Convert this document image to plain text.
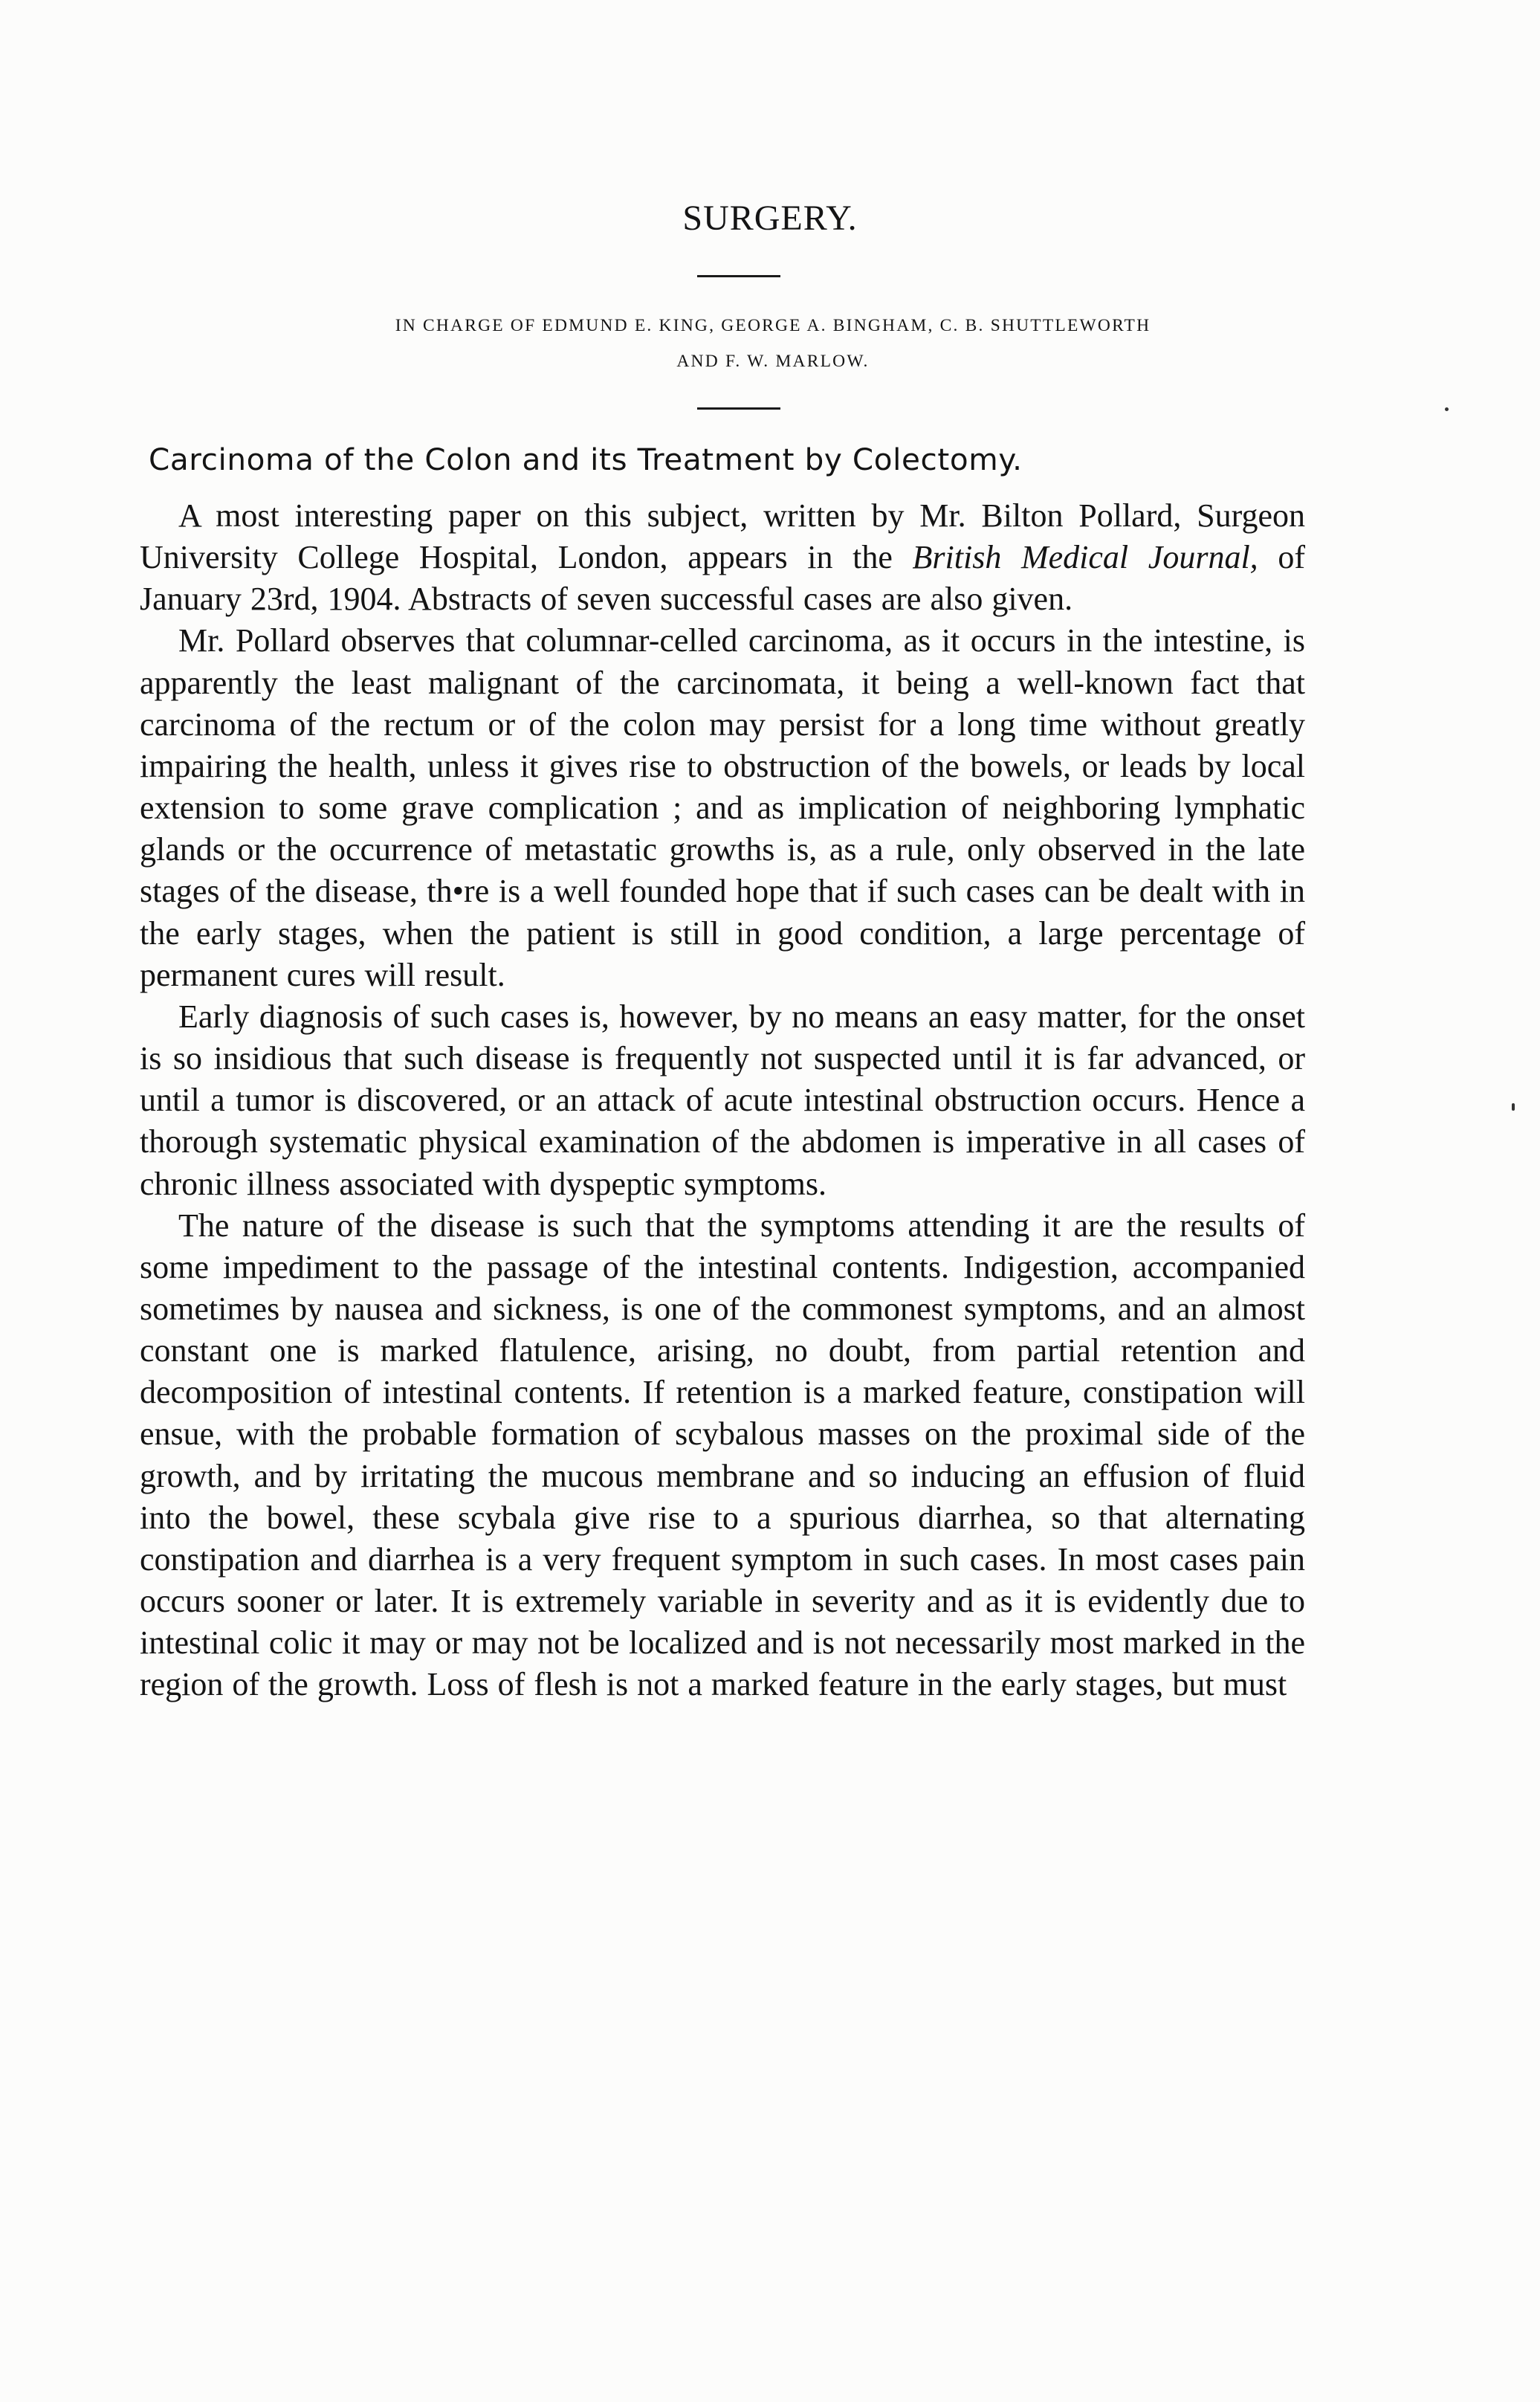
SURGERY.
IN CHARGE OF EDMUND E. KING, GEORGE A. BINGHAM, C. B. SHUTTLEWORTH
AND F. W. MARLOW.
Carcinoma of the Colon and its Treatment by Colectomy.

A most interesting paper on this subject, written by Mr. Bilton Pollard, Surgeon University College Hospital, London, appears in the British Medical Journal, of January 23rd, 1904. Abstracts of seven successful cases are also given.

Mr. Pollard observes that columnar-celled carcinoma, as it occurs in the intestine, is apparently the least malignant of the carcinomata, it being a well-known fact that carcinoma of the rectum or of the colon may persist for a long time without greatly impairing the health, unless it gives rise to obstruction of the bowels, or leads by local extension to some grave complication ; and as implication of neighboring lymphatic glands or the occurrence of metastatic growths is, as a rule, only observed in the late stages of the disease, th•re is a well founded hope that if such cases can be dealt with in the early stages, when the patient is still in good condition, a large percentage of permanent cures will result.

Early diagnosis of such cases is, however, by no means an easy matter, for the onset is so insidious that such disease is frequently not suspected until it is far advanced, or until a tumor is discovered, or an attack of acute intestinal obstruction occurs. Hence a thorough systematic physical examination of the abdomen is imperative in all cases of chronic illness associated with dyspeptic symptoms.

The nature of the disease is such that the symptoms attending it are the results of some impediment to the passage of the intestinal contents. Indigestion, accompanied sometimes by nausea and sickness, is one of the commonest symptoms, and an almost constant one is marked flatulence, arising, no doubt, from partial retention and decomposition of intestinal contents. If retention is a marked feature, constipation will ensue, with the probable formation of scybalous masses on the proximal side of the growth, and by irritating the mucous membrane and so inducing an effusion of fluid into the bowel, these scybala give rise to a spurious diarrhea, so that alternating constipation and diarrhea is a very frequent symptom in such cases. In most cases pain occurs sooner or later. It is extremely variable in severity and as it is evidently due to intestinal colic it may or may not be localized and is not necessarily most marked in the region of the growth. Loss of flesh is not a marked feature in the early stages, but must
